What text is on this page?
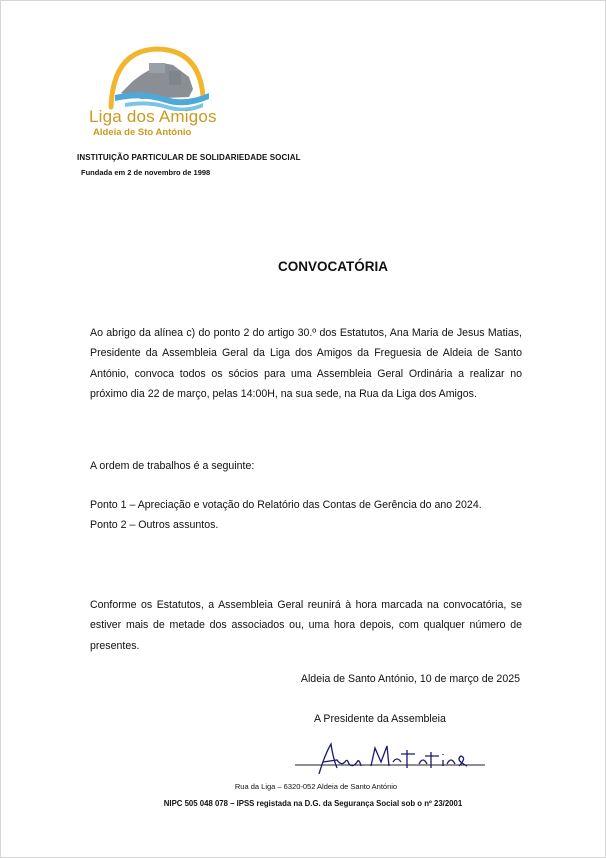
Liga dos Amigos
Aldeia de Sto António
INSTITUIÇÃO PARTICULAR DE SOLIDARIEDADE SOCIAL
Fundada em 2 de novembro de 1998
CONVOCATÓRIA
Ao abrigo da alínea c) do ponto 2 do artigo 30.º dos Estatutos, Ana Maria de Jesus Matias, Presidente da Assembleia Geral da Liga dos Amigos da Freguesia de Aldeia de Santo António, convoca todos os sócios para uma Assembleia Geral Ordinária a realizar no próximo dia 22 de março, pelas 14:00H, na sua sede, na Rua da Liga dos Amigos.
A ordem de trabalhos é a seguinte:
Ponto 1 – Apreciação e votação do Relatório das Contas de Gerência do ano 2024.
Ponto 2 – Outros assuntos.
Conforme os Estatutos, a Assembleia Geral reunirá à hora marcada na convocatória, se estiver mais de metade dos associados ou, uma hora depois, com qualquer número de presentes.
Aldeia de Santo António, 10 de março de 2025
A Presidente da Assembleia
Rua da Liga – 6320-052 Aldeia de Santo António
NIPC 505 048 078 – IPSS registada na D.G. da Segurança Social sob o nº 23/2001
